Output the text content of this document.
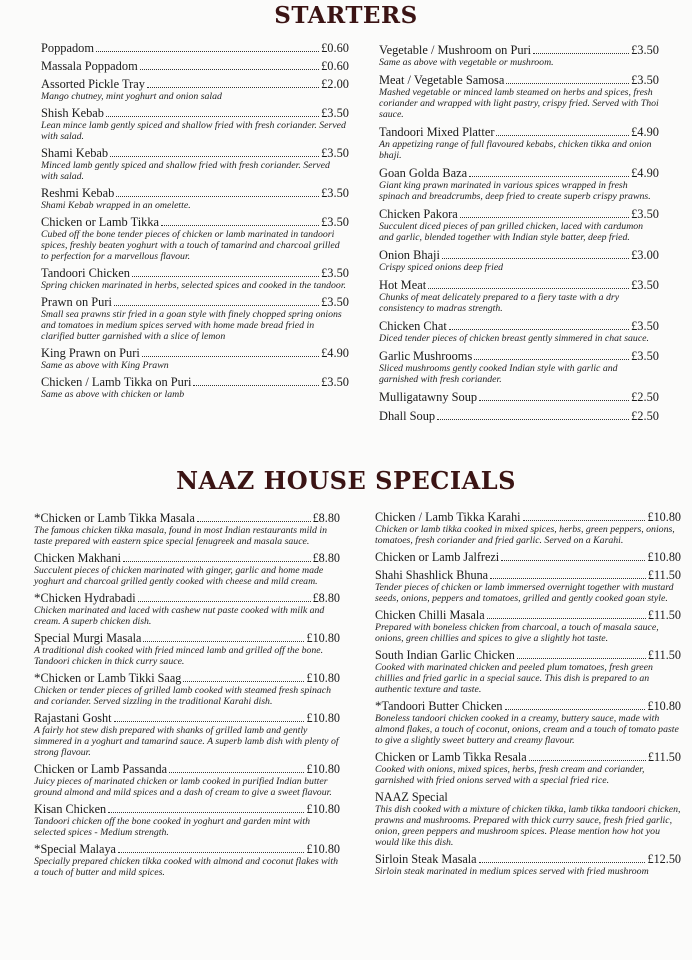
STARTERS
Poppadom	£0.60
Massala Poppadom	£0.60
Assorted Pickle Tray	£2.00
Mango chutney, mint yoghurt and onion salad
Shish Kebab	£3.50
Lean mince lamb gently spiced and shallow fried with fresh coriander. Served with salad.
Shami Kebab	£3.50
Minced lamb gently spiced and shallow fried with fresh coriander. Served with salad.
Reshmi Kebab	£3.50
Shami Kebab wrapped in an omelette.
Chicken or Lamb Tikka	£3.50
Cubed off the bone tender pieces of chicken or lamb marinated in tandoori spices, freshly beaten yoghurt with a touch of tamarind and charcoal grilled to perfection for a marvellous flavour.
Tandoori Chicken	£3.50
Spring chicken marinated in herbs, selected spices and cooked in the tandoor.
Prawn on Puri	£3.50
Small sea prawns stir fried in a goan style with finely chopped spring onions and tomatoes in medium spices served with home made bread fried in clarified butter garnished with a slice of lemon
King Prawn on Puri	£4.90
Same as above with King Prawn
Chicken / Lamb Tikka on Puri	£3.50
Same as above with chicken or lamb
Vegetable / Mushroom on Puri	£3.50
Same as above with vegetable or mushroom.
Meat / Vegetable Samosa	£3.50
Mashed vegetable or minced lamb steamed on herbs and spices, fresh coriander and wrapped with light pastry, crispy fried. Served with Thoi sauce.
Tandoori Mixed Platter	£4.90
An appetizing range of full flavoured kebabs, chicken tikka and onion bhaji.
Goan Golda Baza	£4.90
Giant king prawn marinated in various spices wrapped in fresh spinach and breadcrumbs, deep fried to create superb crispy prawns.
Chicken Pakora	£3.50
Succulent diced pieces of pan grilled chicken, laced with cardumon and garlic, blended together with Indian style batter, deep fried.
Onion Bhaji	£3.00
Crispy spiced onions deep fried
Hot Meat	£3.50
Chunks of meat delicately prepared to a fiery taste with a dry consistency to madras strength.
Chicken Chat	£3.50
Diced tender pieces of chicken breast gently simmered in chat sauce.
Garlic Mushrooms	£3.50
Sliced mushrooms gently cooked Indian style with garlic and garnished with fresh coriander.
Mulligatawny Soup	£2.50
Dhall Soup	£2.50
NAAZ HOUSE SPECIALS
* Chicken or Lamb Tikka Masala	£8.80
The famous chicken tikka masala, found in most Indian restaurants mild in taste prepared with eastern spice special fenugreek and masala sauce.
Chicken Makhani	£8.80
Succulent pieces of chicken marinated with ginger, garlic and home made yoghurt and charcoal grilled gently cooked with cheese and mild cream.
* Chicken Hydrabadi	£8.80
Chicken marinated and laced with cashew nut paste cooked with milk and cream. A superb chicken dish.
Special Murgi Masala	£10.80
A traditional dish cooked with fried minced lamb and grilled off the bone. Tandoori chicken in thick curry sauce.
* Chicken or Lamb Tikki Saag	£10.80
Chicken or tender pieces of grilled lamb cooked with steamed fresh spinach and coriander. Served sizzling in the traditional Karahi dish.
Rajastani Gosht	£10.80
A fairly hot stew dish prepared with shanks of grilled lamb and gently simmered in a yoghurt and tamarind sauce. A superb lamb dish with plenty of strong flavour.
Chicken or Lamb Passanda	£10.80
Juicy pieces of marinated chicken or lamb cooked in purified Indian butter ground almond and mild spices and a dash of cream to give a sweet flavour.
Kisan Chicken	£10.80
Tandoori chicken off the bone cooked in yoghurt and garden mint with selected spices - Medium strength.
* Special Malaya	£10.80
Specially prepared chicken tikka cooked with almond and coconut flakes with a touch of butter and mild spices.
Chicken / Lamb Tikka Karahi	£10.80
Chicken or lamb tikka cooked in mixed spices, herbs, green peppers, onions, tomatoes, fresh coriander and fried garlic. Served on a Karahi.
Chicken or Lamb Jalfrezi	£10.80
Shahi Shashlick Bhuna	£11.50
Tender pieces of chicken or lamb immersed overnight together with mustard seeds, onions, peppers and tomatoes, grilled and gently cooked goan style.
Chicken Chilli Masala	£11.50
Prepared with boneless chicken from charcoal, a touch of masala sauce, onions, green chillies and spices to give a slightly hot taste.
South Indian Garlic Chicken	£11.50
Cooked with marinated chicken and peeled plum tomatoes, fresh green chillies and fried garlic in a special sauce. This dish is prepared to an authentic texture and taste.
* Tandoori Butter Chicken	£10.80
Boneless tandoori chicken cooked in a creamy, buttery sauce, made with almond flakes, a touch of coconut, onions, cream and a touch of tomato paste to give a slightly sweet buttery and creamy flavour.
Chicken or Lamb Tikka Resala	£11.50
Cooked with onions, mixed spices, herbs, fresh cream and coriander, garnished with fried onions served with a special fried rice.
NAAZ Special
This dish cooked with a mixture of chicken tikka, lamb tikka tandoori chicken, prawns and mushrooms. Prepared with thick curry sauce, fresh fried garlic, onion, green peppers and mushroom spices. Please mention how hot you would like this dish.
Sirloin Steak Masala	£12.50
Sirloin steak marinated in medium spices served with fried mushroom
